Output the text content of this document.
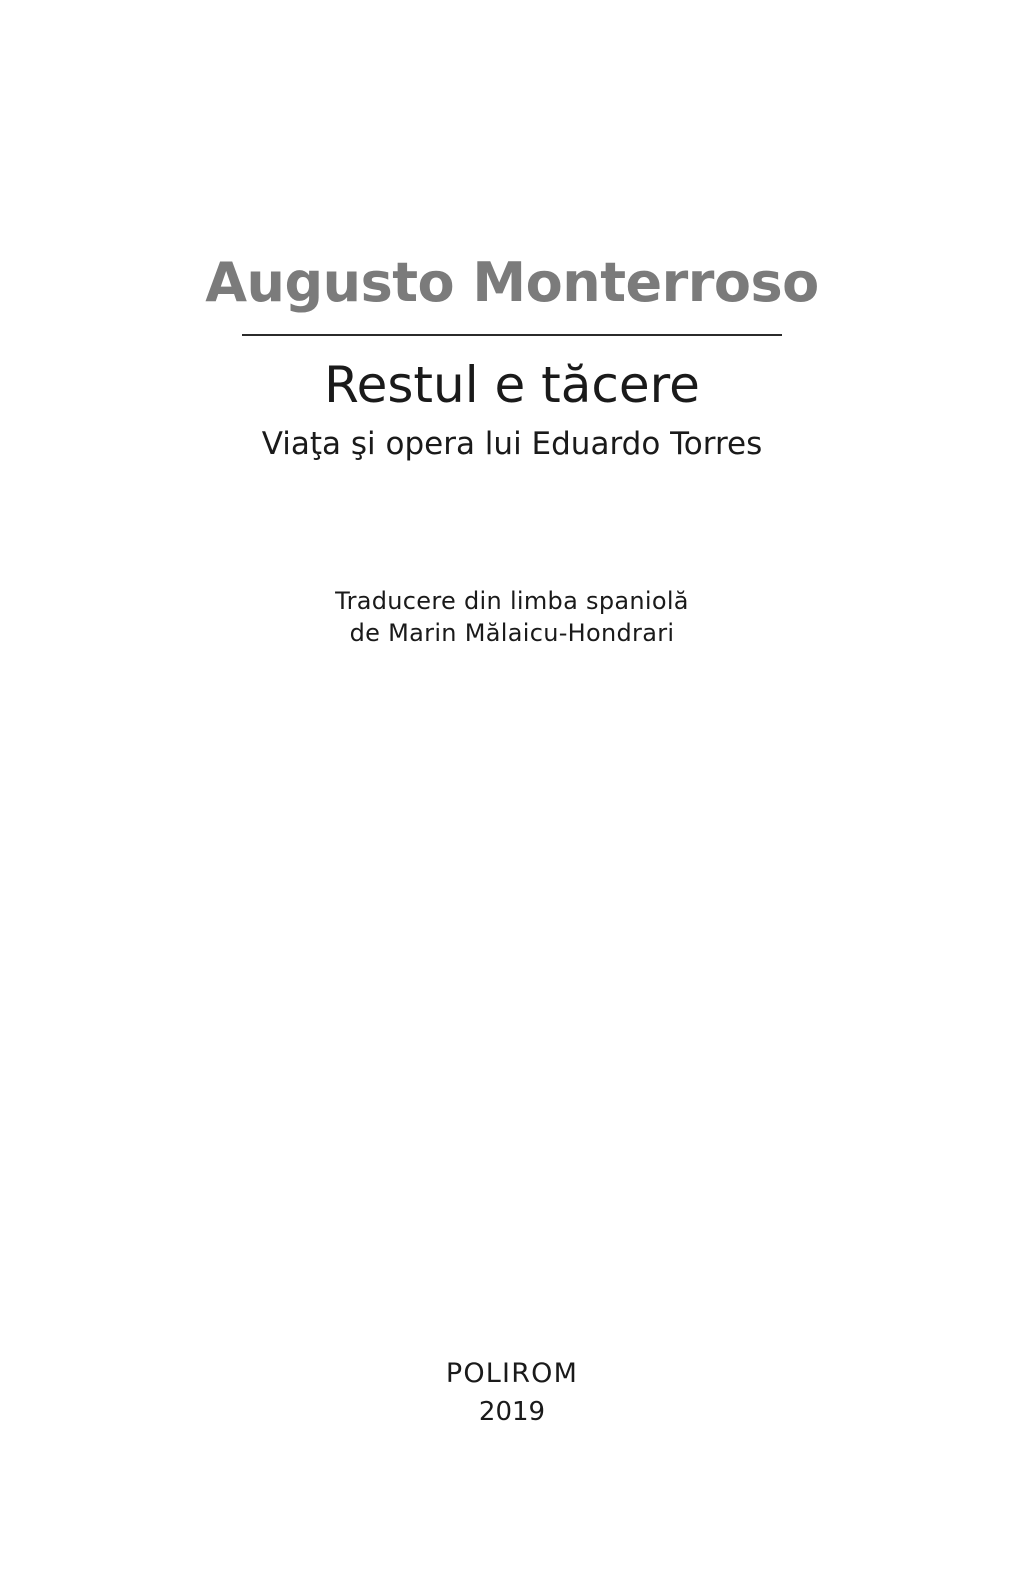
Augusto Monterroso
Restul e tăcere

Viaţa şi opera lui Eduardo Torres

Traducere din limba spaniolă
de Marin Mălaicu-Hondrari

POLIROM

2019
